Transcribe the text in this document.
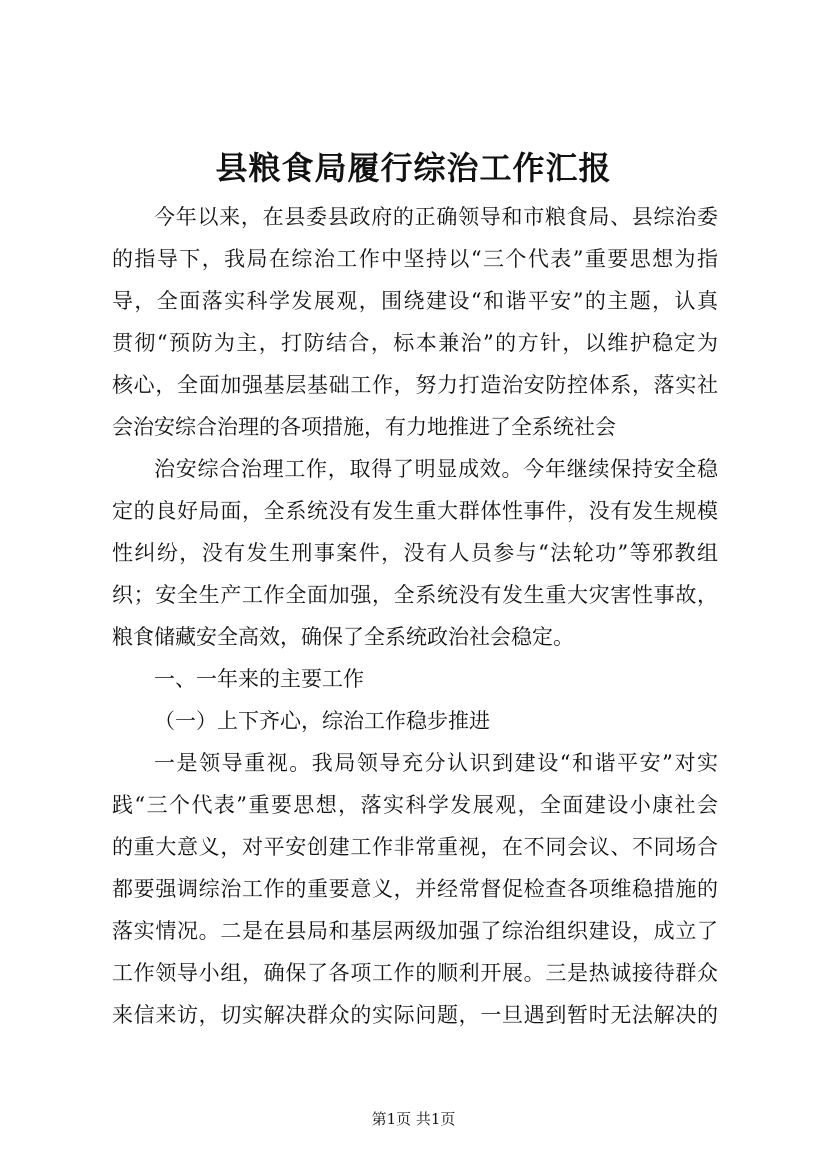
县粮食局履行综治工作汇报
今年以来，在县委县政府的正确领导和市粮食局、县综治委
的指导下，我局在综治工作中坚持以“三个代表”重要思想为指
导，全面落实科学发展观，围绕建设“和谐平安”的主题，认真
贯彻“预防为主，打防结合，标本兼治”的方针，以维护稳定为
核心，全面加强基层基础工作，努力打造治安防控体系，落实社
会治安综合治理的各项措施，有力地推进了全系统社会
治安综合治理工作，取得了明显成效。今年继续保持安全稳
定的良好局面，全系统没有发生重大群体性事件，没有发生规模
性纠纷，没有发生刑事案件，没有人员参与“法轮功”等邪教组
织；安全生产工作全面加强，全系统没有发生重大灾害性事故，
粮食储藏安全高效，确保了全系统政治社会稳定。
一、一年来的主要工作
（一）上下齐心，综治工作稳步推进
一是领导重视。我局领导充分认识到建设“和谐平安”对实
践“三个代表”重要思想，落实科学发展观，全面建设小康社会
的重大意义，对平安创建工作非常重视，在不同会议、不同场合
都要强调综治工作的重要意义，并经常督促检查各项维稳措施的
落实情况。二是在县局和基层两级加强了综治组织建设，成立了
工作领导小组，确保了各项工作的顺利开展。三是热诚接待群众
来信来访，切实解决群众的实际问题，一旦遇到暂时无法解决的
第1页 共1页
